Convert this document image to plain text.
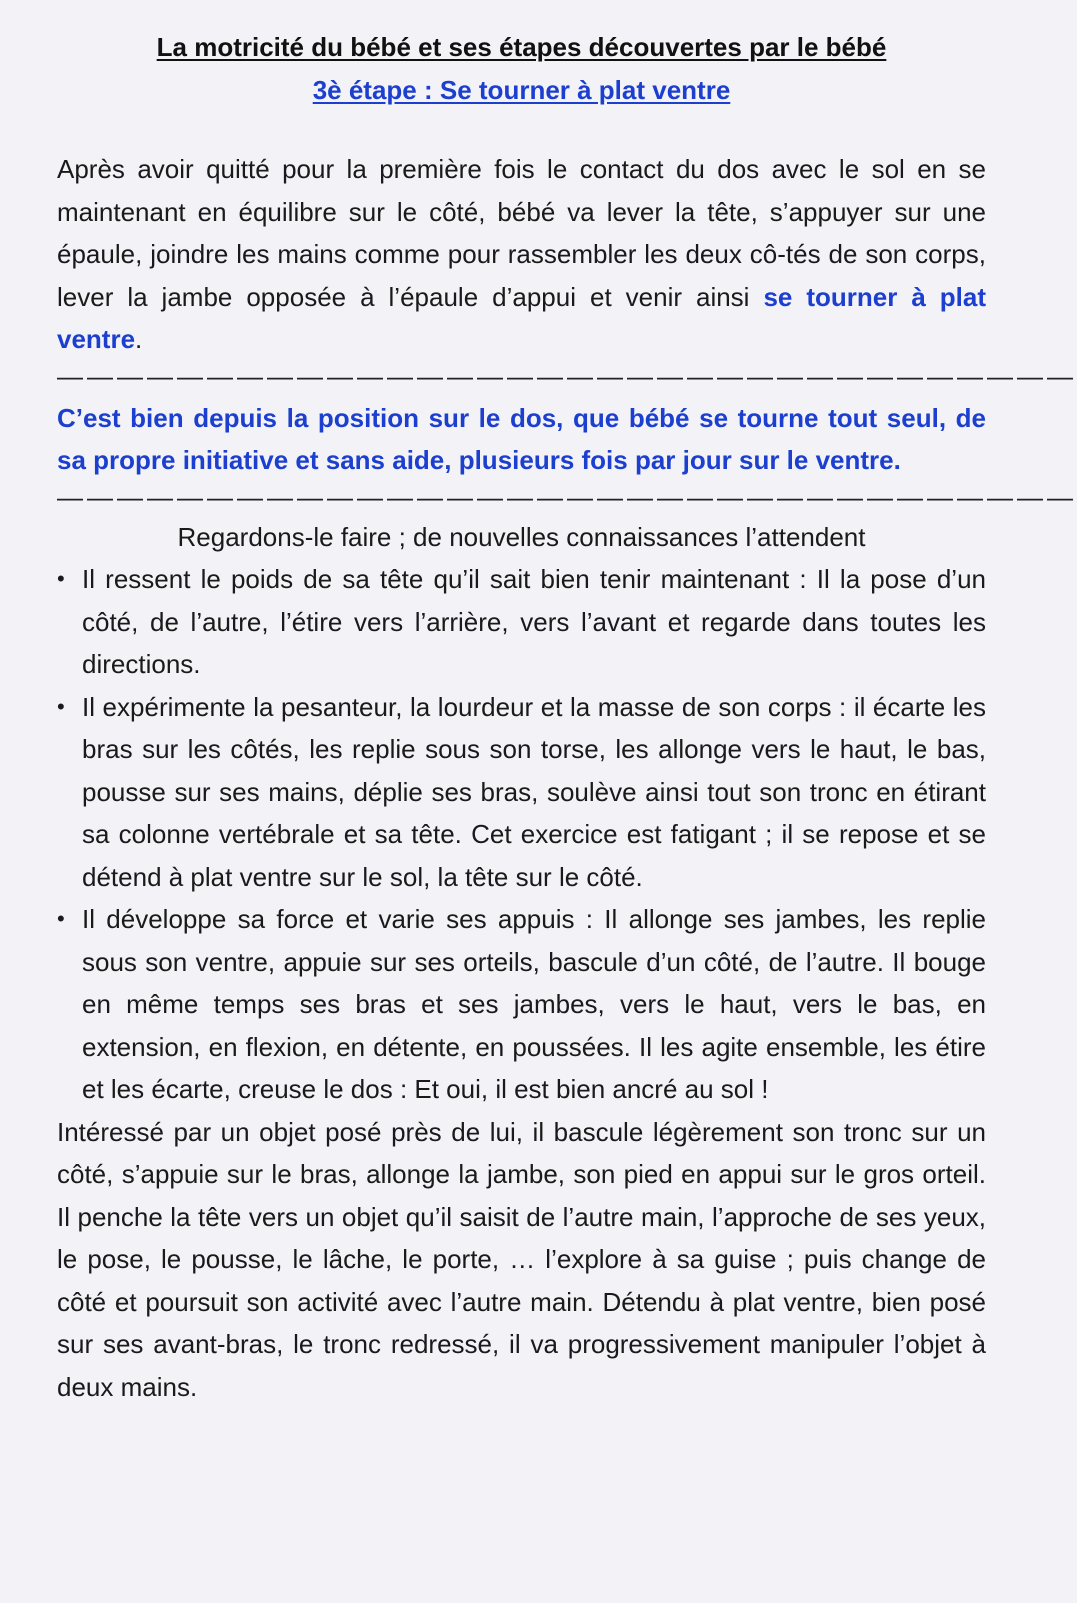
La motricité du bébé et ses étapes découvertes par le bébé
3è étape : Se tourner à plat ventre

Après avoir quitté pour la première fois le contact du dos avec le sol en se maintenant en équilibre sur le côté, bébé va lever la tête, s’appuyer sur une épaule, joindre les mains comme pour rassembler les deux cô-tés de son corps, lever la jambe opposée à l’épaule d’appui et venir ainsi se tourner à plat ventre.

——————————————————————————————————

C’est bien depuis la position sur le dos, que bébé se tourne tout seul, de sa propre initiative et sans aide, plusieurs fois par jour sur le ventre.

——————————————————————————————————

Regardons-le faire ; de nouvelles connaissances l’attendent

• Il ressent le poids de sa tête qu’il sait bien tenir maintenant : Il la pose d’un côté, de l’autre, l’étire vers l’arrière, vers l’avant et regarde dans toutes les directions.
• Il expérimente la pesanteur, la lourdeur et la masse de son corps : il écarte les bras sur les côtés, les replie sous son torse, les allonge vers le haut, le bas, pousse sur ses mains, déplie ses bras, soulève ainsi tout son tronc en étirant sa colonne vertébrale et sa tête. Cet exercice est fatigant ; il se repose et se détend à plat ventre sur le sol, la tête sur le côté.
• Il développe sa force et varie ses appuis : Il allonge ses jambes, les replie sous son ventre, appuie sur ses orteils, bascule d’un côté, de l’autre. Il bouge en même temps ses bras et ses jambes, vers le haut, vers le bas, en extension, en flexion, en détente, en poussées. Il les agite ensemble, les étire et les écarte, creuse le dos : Et oui, il est bien ancré au sol !

Intéressé par un objet posé près de lui, il bascule légèrement son tronc sur un côté, s’appuie sur le bras, allonge la jambe, son pied en appui sur le gros orteil. Il penche la tête vers un objet qu’il saisit de l’autre main, l’approche de ses yeux, le pose, le pousse, le lâche, le porte, … l’explore à sa guise ; puis change de côté et poursuit son activité avec l’autre main. Détendu à plat ventre, bien posé sur ses avant-bras, le tronc redressé, il va progressivement manipuler l’objet à deux mains.
